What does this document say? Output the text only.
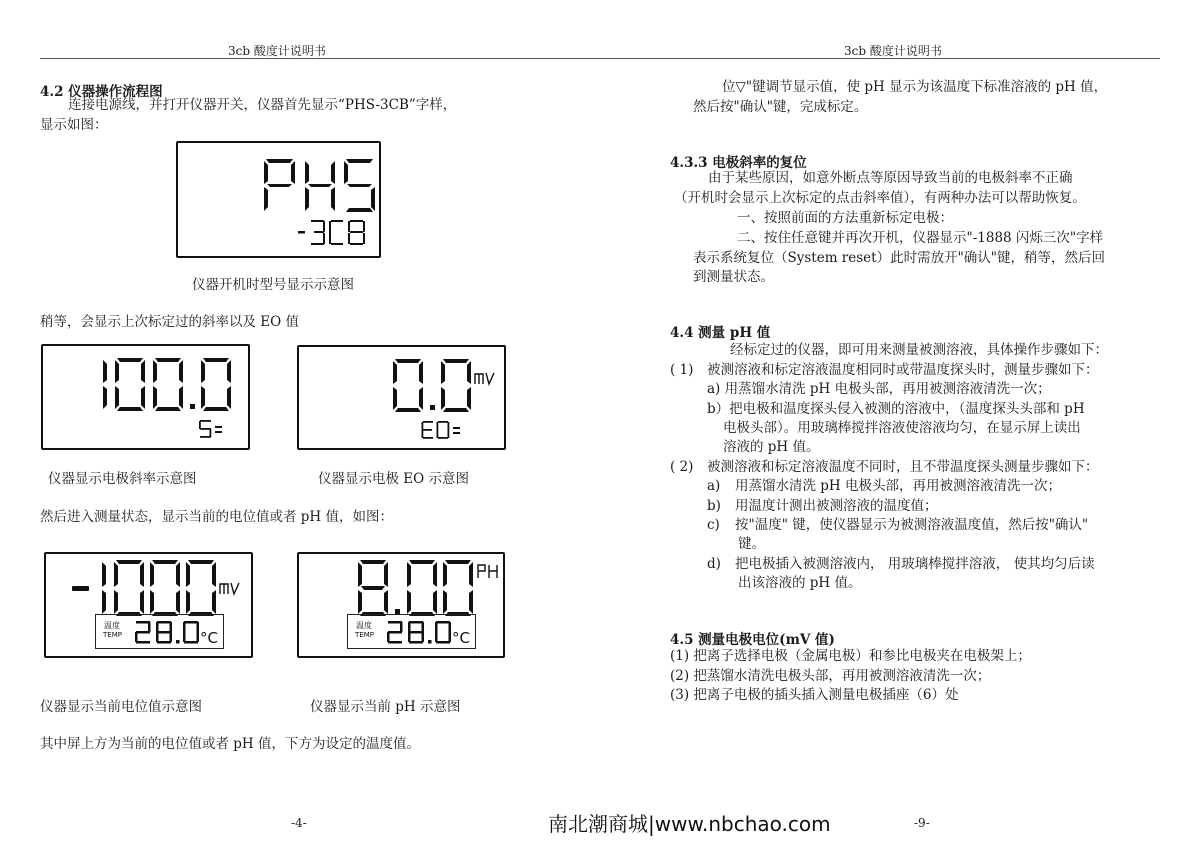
3cb 酸度计说明书	3cb 酸度计说明书
4.2 仪器操作流程图
连接电源线，并打开仪器开关，仪器首先显示“PHS-3CB”字样，
显示如图：
仪器开机时型号显示示意图
稍等，会显示上次标定过的斜率以及 EO 值
仪器显示电极斜率示意图	仪器显示电极 EO 示意图
然后进入测量状态，显示当前的电位值或者 pH 值，如图：
温度
TEMP	°C
温度
TEMP	°C
仪器显示当前电位值示意图	仪器显示当前 pH 示意图
其中屏上方为当前的电位值或者 pH 值，下方为设定的温度值。
-4-
位▽"键调节显示值，使 pH 显示为该温度下标准溶液的 pH 值，
然后按"确认"键，完成标定。
4.3.3 电极斜率的复位
由于某些原因，如意外断点等原因导致当前的电极斜率不正确
（开机时会显示上次标定的点击斜率值），有两种办法可以帮助恢复。
一、按照前面的方法重新标定电极：
二、按住任意键并再次开机，仪器显示"-1888 闪烁三次"字样
表示系统复位（System reset）此时需放开"确认"键，稍等，然后回
到测量状态。
4.4 测量 pH 值
经标定过的仪器，即可用来测量被测溶液，具体操作步骤如下：
( 1) 被测溶液和标定溶液温度相同时或带温度探头时，测量步骤如下：
a) 用蒸馏水清洗 pH 电极头部，再用被测溶液清洗一次；
b）把电极和温度探头侵入被测的溶液中，（温度探头头部和 pH
电极头部）。用玻璃棒搅拌溶液使溶液均匀，在显示屏上读出
溶液的 pH 值。
( 2) 被测溶液和标定溶液温度不同时，且不带温度探头测量步骤如下：
a) 用蒸馏水清洗 pH 电极头部，再用被测溶液清洗一次；
b) 用温度计测出被测溶液的温度值；
c) 按"温度" 键，使仪器显示为被测溶液温度值，然后按"确认"
键。
d) 把电极插入被测溶液内， 用玻璃棒搅拌溶液， 使其均匀后读
出该溶液的 pH 值。
4.5 测量电极电位(mV 值)
(1) 把离子选择电极（金属电极）和参比电极夹在电极架上；
(2) 把蒸馏水清洗电极头部，再用被测溶液清洗一次；
(3) 把离子电极的插头插入测量电极插座（6）处
-9-
南北潮商城|www.nbchao.com
